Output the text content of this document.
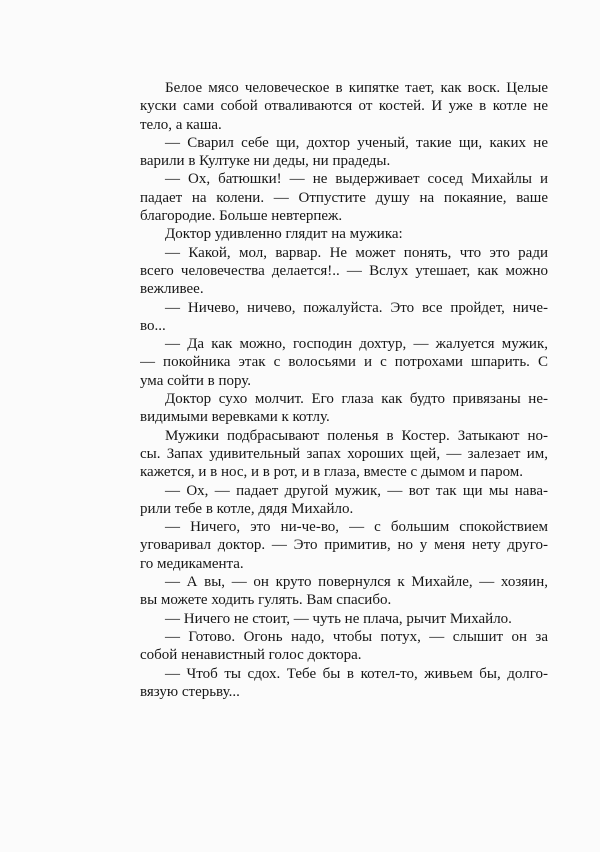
Белое мясо человеческое в кипятке тает, как воск. Целые
куски сами собой отваливаются от костей. И уже в котле не
тело, а каша.
— Сварил себе щи, дохтор ученый, такие щи, каких не
варили в Култуке ни деды, ни прадеды.
— Ох, батюшки! — не выдерживает сосед Михайлы и
падает на колени. — Отпустите душу на покаяние, ваше
благородие. Больше невтерпеж.
Доктор удивленно глядит на мужика:
— Какой, мол, варвар. Не может понять, что это ради
всего человечества делается!.. — Вслух утешает, как можно
вежливее.
— Ничево, ничево, пожалуйста. Это все пройдет, ниче-
во...
— Да как можно, господин дохтур, — жалуется мужик,
— покойника этак с волосьями и с потрохами шпарить. С
ума сойти в пору.
Доктор сухо молчит. Его глаза как будто привязаны не-
видимыми веревками к котлу.
Мужики подбрасывают поленья в Костер. Затыкают но-
сы. Запах удивительный запах хороших щей, — залезает им,
кажется, и в нос, и в рот, и в глаза, вместе с дымом и паром.
— Ох, — падает другой мужик, — вот так щи мы нава-
рили тебе в котле, дядя Михайло.
— Ничего, это ни-че-во, — с большим спокойствием
уговаривал доктор. — Это примитив, но у меня нету друго-
го медикамента.
— А вы, — он круто повернулся к Михайле, — хозяин,
вы можете ходить гулять. Вам спасибо.
— Ничего не стоит, — чуть не плача, рычит Михайло.
— Готово. Огонь надо, чтобы потух, — слышит он за
собой ненавистный голос доктора.
— Чтоб ты сдох. Тебе бы в котел-то, живьем бы, долго-
вязую стерьву...
